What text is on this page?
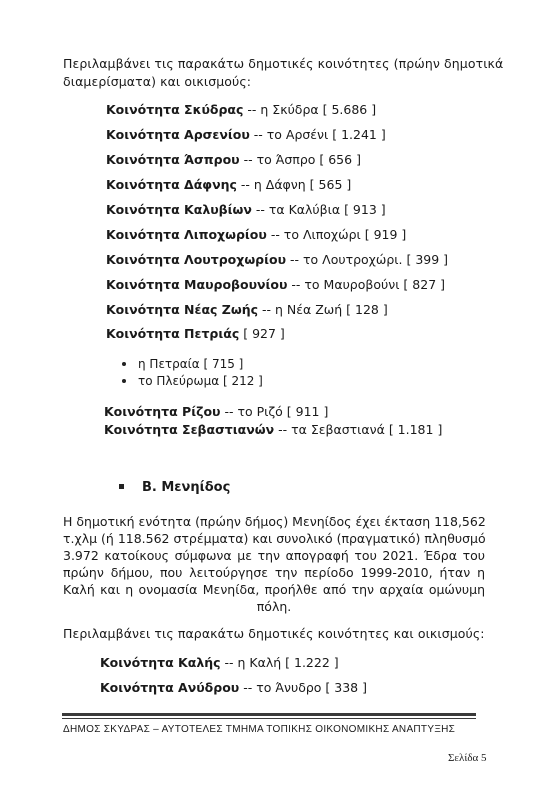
Περιλαμβάνει τις παρακάτω δημοτικές κοινότητες (πρώην δημοτικά
διαμερίσματα) και οικισμούς:
Κοινότητα Σκύδρας -- η Σκύδρα [ 5.686 ]
Κοινότητα Αρσενίου -- το Αρσένι [ 1.241 ]
Κοινότητα Άσπρου -- το Άσπρο [ 656 ]
Κοινότητα Δάφνης -- η Δάφνη [ 565 ]
Κοινότητα Καλυβίων -- τα Καλύβια [ 913 ]
Κοινότητα Λιποχωρίου -- το Λιποχώρι [ 919 ]
Κοινότητα Λουτροχωρίου -- το Λουτροχώρι. [ 399 ]
Κοινότητα Μαυροβουνίου -- το Μαυροβούνι [ 827 ]
Κοινότητα Νέας Ζωής -- η Νέα Ζωή [ 128 ]
Κοινότητα Πετριάς [ 927 ]
η Πετραία [ 715 ]
το Πλεύρωμα [ 212 ]
Κοινότητα Ρίζου -- το Ριζό [ 911 ]
Κοινότητα Σεβαστιανών -- τα Σεβαστιανά [ 1.181 ]
Β. Μενηίδος
Η δημοτική ενότητα (πρώην δήμος) Μενηίδος έχει έκταση 118,562
τ.χλμ (ή 118.562 στρέμματα) και συνολικό (πραγματικό) πληθυσμό
3.972 κατοίκους σύμφωνα με την απογραφή του 2021. Έδρα του
πρώην δήμου, που λειτούργησε την περίοδο 1999-2010, ήταν η
Καλή και η ονομασία Μενηίδα, προήλθε από την αρχαία ομώνυμη
πόλη.
Περιλαμβάνει τις παρακάτω δημοτικές κοινότητες και οικισμούς:
Κοινότητα Καλής -- η Καλή [ 1.222 ]
Κοινότητα Ανύδρου -- το Άνυδρο [ 338 ]
ΔΗΜΟΣ ΣΚΥΔΡΑΣ – ΑΥΤΟΤΕΛΕΣ ΤΜΗΜΑ ΤΟΠΙΚΗΣ ΟΙΚΟΝΟΜΙΚΗΣ ΑΝΑΠΤΥΞΗΣ
Σελίδα 5
